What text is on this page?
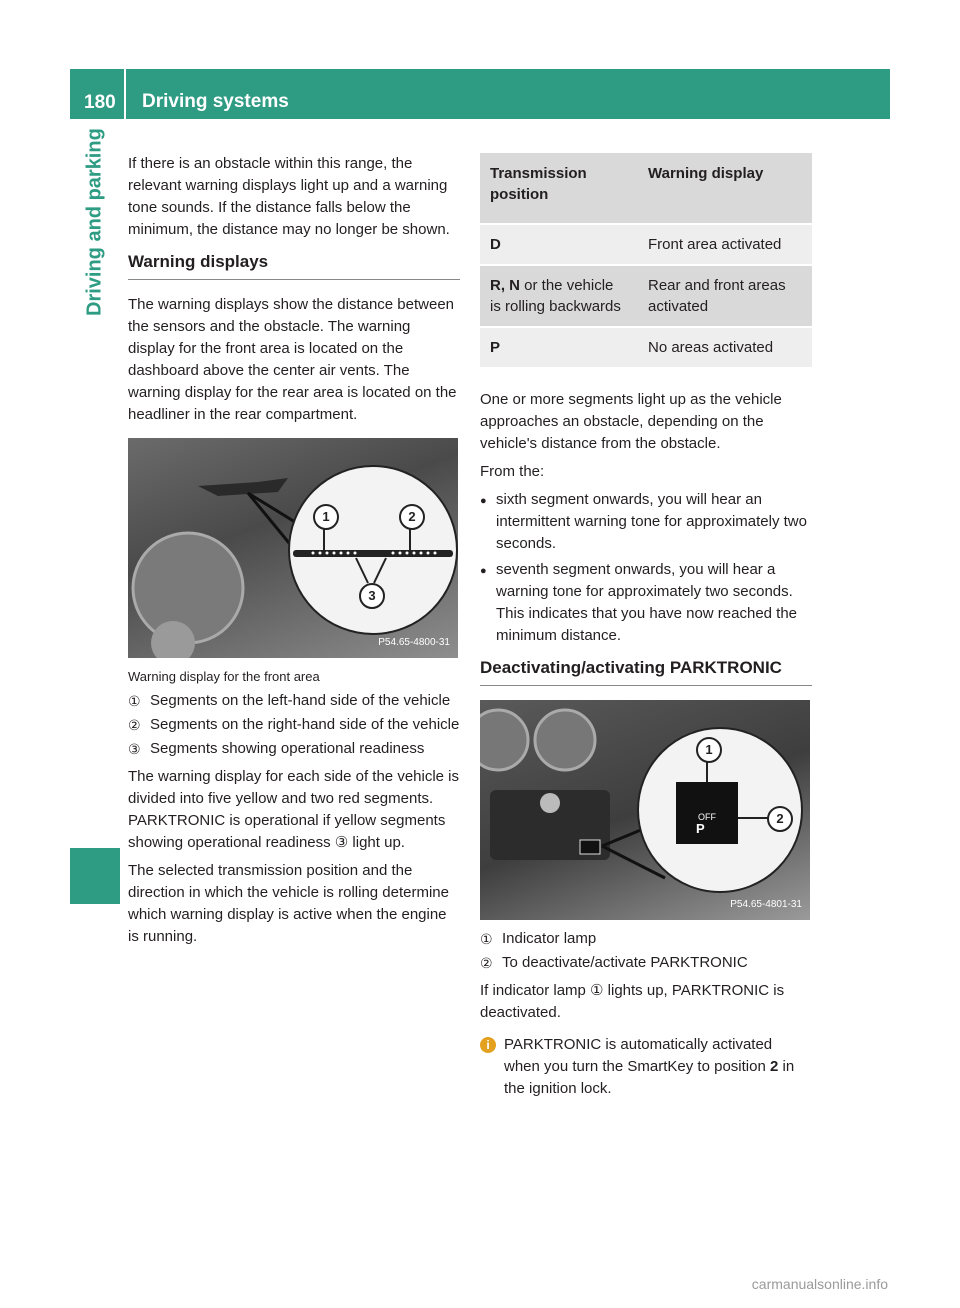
180 Driving systems
Driving and parking	If there is an obstacle within this range, the relevant warning displays light up and a warning tone sounds. If the distance falls below the minimum, the distance may no longer be shown.

Warning displays

The warning displays show the distance between the sensors and the obstacle. The warning display for the front area is located on the dashboard above the center air vents. The warning display for the rear area is located on the headliner in the rear compartment.

1	2
3
P54.65-4800-31
Warning display for the front area
① Segments on the left-hand side of the vehicle
② Segments on the right-hand side of the vehicle
③ Segments showing operational readiness

The warning display for each side of the vehicle is divided into five yellow and two red segments. PARKTRONIC is operational if yellow segments showing operational readiness ③ light up.

The selected transmission position and the direction in which the vehicle is rolling determine which warning display is active when the engine is running.

Transmission position	Warning display
D	Front area activated
R, N or the vehicle is rolling backwards	Rear and front areas activated
P	No areas activated

One or more segments light up as the vehicle approaches an obstacle, depending on the vehicle's distance from the obstacle.

From the:

● sixth segment onwards, you will hear an intermittent warning tone for approximately two seconds.
● seventh segment onwards, you will hear a warning tone for approximately two seconds. This indicates that you have now reached the minimum distance.
Deactivating/activating PARKTRONIC
OFF
P
1
2
P54.65-4801-31
① Indicator lamp
② To deactivate/activate PARKTRONIC

If indicator lamp ① lights up, PARKTRONIC is deactivated.

i PARKTRONIC is automatically activated when you turn the SmartKey to position 2 in the ignition lock.
carmanualsonline.info
